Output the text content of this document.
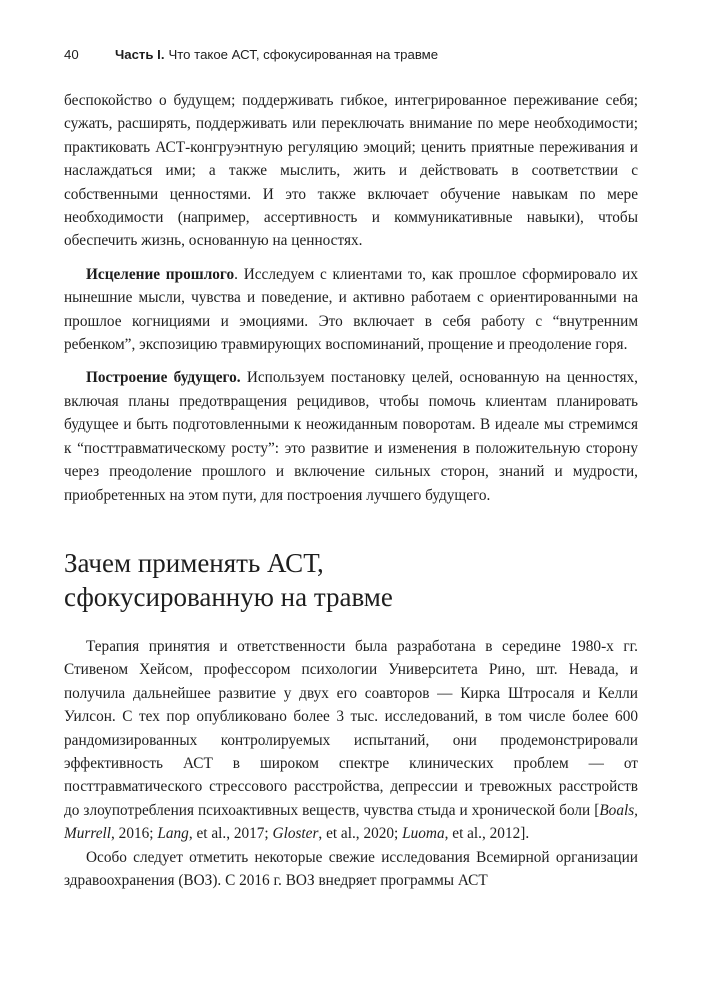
40	Часть I. Что такое АСТ, сфокусированная на травме

беспокойство о будущем; поддерживать гибкое, интегрированное переживание себя; сужать, расширять, поддерживать или переключать внимание по мере необходимости; практиковать АСТ-конгруэнтную регуляцию эмоций; ценить приятные переживания и наслаждаться ими; а также мыслить, жить и действовать в соответствии с собственными ценностями. И это также включает обучение навыкам по мере необходимости (например, ассертивность и коммуникативные навыки), чтобы обеспечить жизнь, основанную на ценностях.

Исцеление прошлого. Исследуем с клиентами то, как прошлое сформировало их нынешние мысли, чувства и поведение, и активно работаем с ориентированными на прошлое когнициями и эмоциями. Это включает в себя работу с “внутренним ребенком”, экспозицию травмирующих воспоминаний, прощение и преодоление горя.

Построение будущего. Используем постановку целей, основанную на ценностях, включая планы предотвращения рецидивов, чтобы помочь клиентам планировать будущее и быть подготовленными к неожиданным поворотам. В идеале мы стремимся к “посттравматическому росту”: это развитие и изменения в положительную сторону через преодоление прошлого и включение сильных сторон, знаний и мудрости, приобретенных на этом пути, для построения лучшего будущего.

Зачем применять АСТ,
сфокусированную на травме

Терапия принятия и ответственности была разработана в середине 1980-х гг. Стивеном Хейсом, профессором психологии Университета Рино, шт. Невада, и получила дальнейшее развитие у двух его соавторов — Кирка Штросаля и Келли Уилсон. С тех пор опубликовано более 3 тыс. исследований, в том числе более 600 рандомизированных контролируемых испытаний, они продемонстрировали эффективность АСТ в широком спектре клинических проблем — от посттравматического стрессового расстройства, депрессии и тревожных расстройств до злоупотребления психоактивных веществ, чувства стыда и хронической боли [Boals, Murrell, 2016; Lang, et al., 2017; Gloster, et al., 2020; Luoma, et al., 2012].

Особо следует отметить некоторые свежие исследования Всемирной организации здравоохранения (ВОЗ). С 2016 г. ВОЗ внедряет программы АСТ
